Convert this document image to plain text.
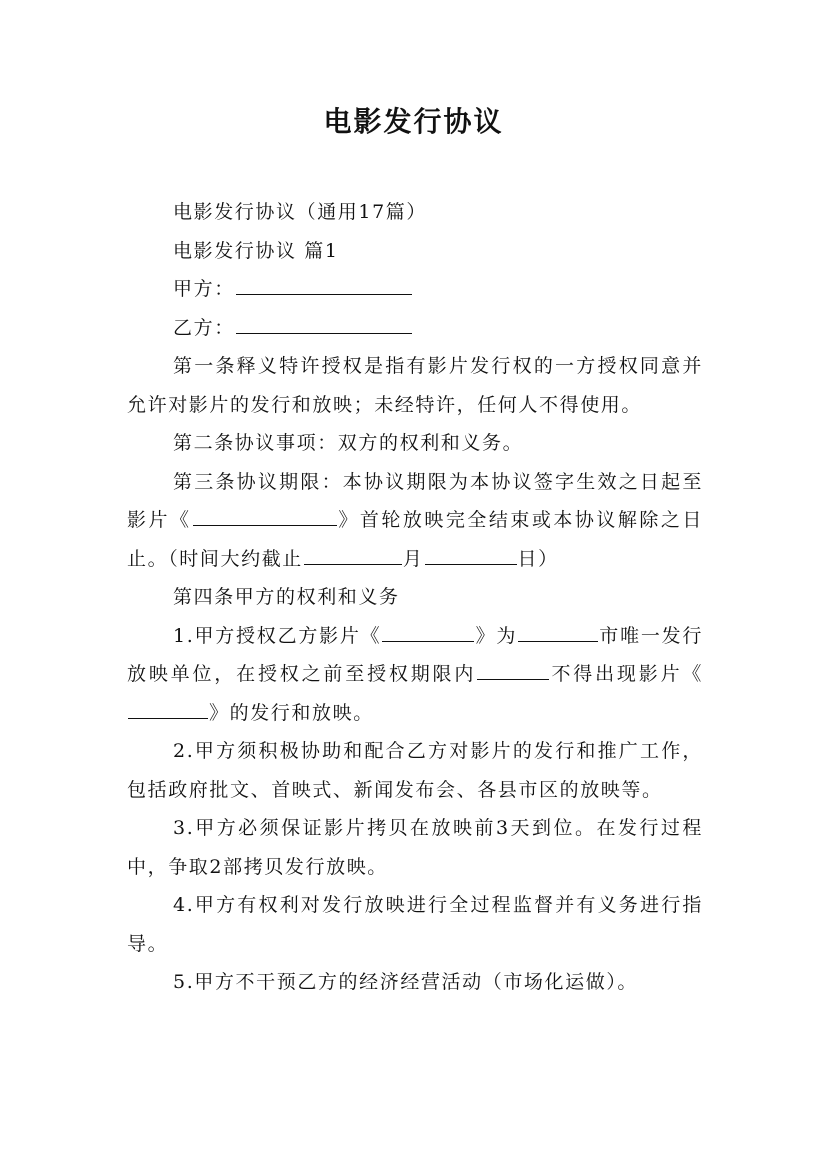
电影发行协议

电影发行协议（通用17篇）

电影发行协议 篇1

甲方：

乙方：

第一条释义特许授权是指有影片发行权的一方授权同意并允许对影片的发行和放映；未经特许，任何人不得使用。

第二条协议事项：双方的权利和义务。

第三条协议期限：本协议期限为本协议签字生效之日起至影片《	》首轮放映完全结束或本协议解除之日止。（时间大约截止	月	日）

第四条甲方的权利和义务

1.甲方授权乙方影片《	》为	市唯一发行放映单位，在授权之前至授权期限内	不得出现影片《》的发行和放映。

2.甲方须积极协助和配合乙方对影片的发行和推广工作，包括政府批文、首映式、新闻发布会、各县市区的放映等。

3.甲方必须保证影片拷贝在放映前3天到位。在发行过程中，争取2部拷贝发行放映。

4.甲方有权利对发行放映进行全过程监督并有义务进行指导。

5.甲方不干预乙方的经济经营活动（市场化运做）。
